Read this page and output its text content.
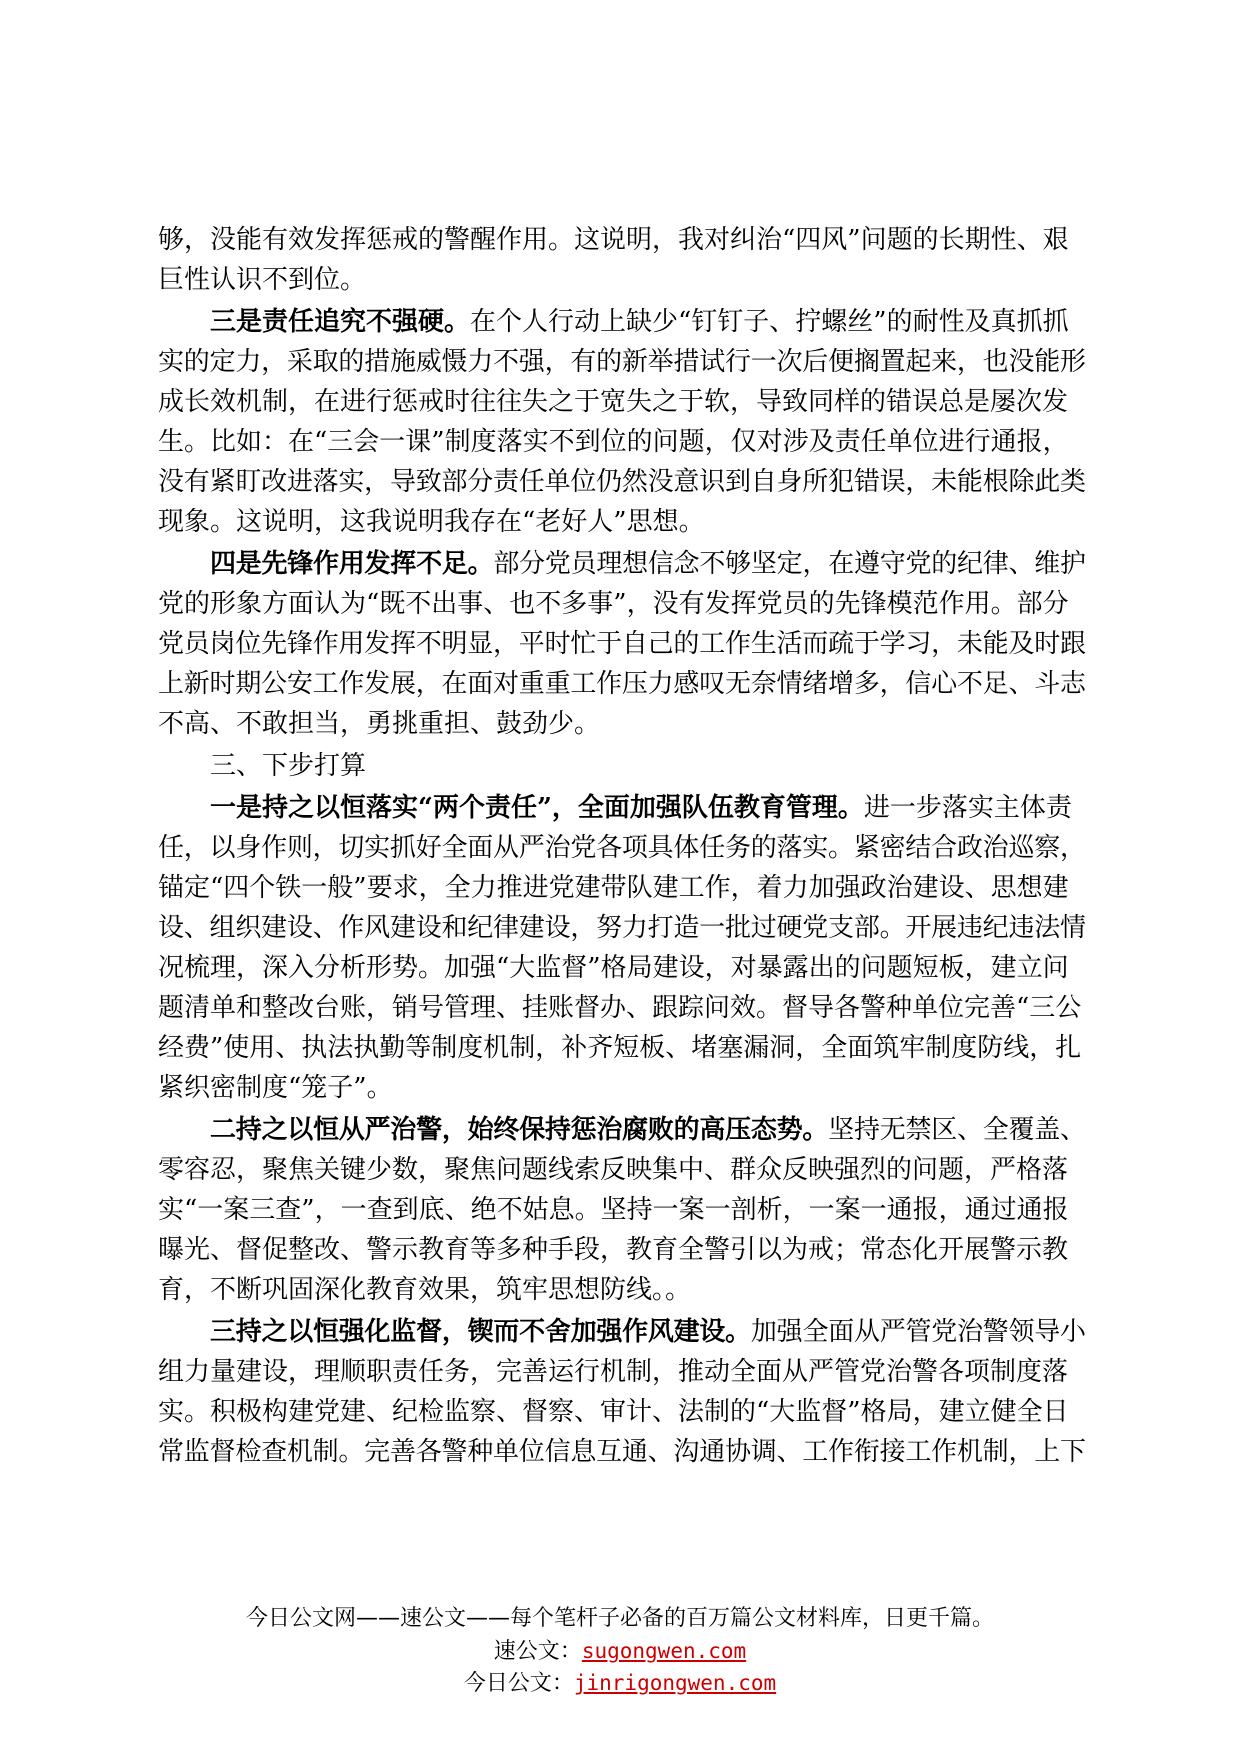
够，没能有效发挥惩戒的警醒作用。这说明，我对纠治“四风”问题的长期性、艰
巨性认识不到位。
三是责任追究不强硬。在个人行动上缺少“钉钉子、拧螺丝”的耐性及真抓抓
实的定力，采取的措施威慑力不强，有的新举措试行一次后便搁置起来，也没能形
成长效机制，在进行惩戒时往往失之于宽失之于软，导致同样的错误总是屡次发
生。比如：在“三会一课”制度落实不到位的问题，仅对涉及责任单位进行通报，
没有紧盯改进落实，导致部分责任单位仍然没意识到自身所犯错误，未能根除此类
现象。这说明，这我说明我存在“老好人”思想。
四是先锋作用发挥不足。部分党员理想信念不够坚定，在遵守党的纪律、维护
党的形象方面认为“既不出事、也不多事”，没有发挥党员的先锋模范作用。部分
党员岗位先锋作用发挥不明显，平时忙于自己的工作生活而疏于学习，未能及时跟
上新时期公安工作发展，在面对重重工作压力感叹无奈情绪增多，信心不足、斗志
不高、不敢担当，勇挑重担、鼓劲少。
三、下步打算
一是持之以恒落实“两个责任”，全面加强队伍教育管理。进一步落实主体责
任，以身作则，切实抓好全面从严治党各项具体任务的落实。紧密结合政治巡察，
锚定“四个铁一般”要求，全力推进党建带队建工作，着力加强政治建设、思想建
设、组织建设、作风建设和纪律建设，努力打造一批过硬党支部。开展违纪违法情
况梳理，深入分析形势。加强“大监督”格局建设，对暴露出的问题短板，建立问
题清单和整改台账，销号管理、挂账督办、跟踪问效。督导各警种单位完善“三公
经费”使用、执法执勤等制度机制，补齐短板、堵塞漏洞，全面筑牢制度防线，扎
紧织密制度“笼子”。
二持之以恒从严治警，始终保持惩治腐败的高压态势。坚持无禁区、全覆盖、
零容忍，聚焦关键少数，聚焦问题线索反映集中、群众反映强烈的问题，严格落
实“一案三查”，一查到底、绝不姑息。坚持一案一剖析，一案一通报，通过通报
曝光、督促整改、警示教育等多种手段，教育全警引以为戒；常态化开展警示教
育，不断巩固深化教育效果，筑牢思想防线。。
三持之以恒强化监督，锲而不舍加强作风建设。加强全面从严管党治警领导小
组力量建设，理顺职责任务，完善运行机制，推动全面从严管党治警各项制度落
实。积极构建党建、纪检监察、督察、审计、法制的“大监督”格局，建立健全日
常监督检查机制。完善各警种单位信息互通、沟通协调、工作衔接工作机制，上下
今日公文网——速公文——每个笔杆子必备的百万篇公文材料库，日更千篇。
速公文：sugongwen.com
今日公文：jinrigongwen.com
